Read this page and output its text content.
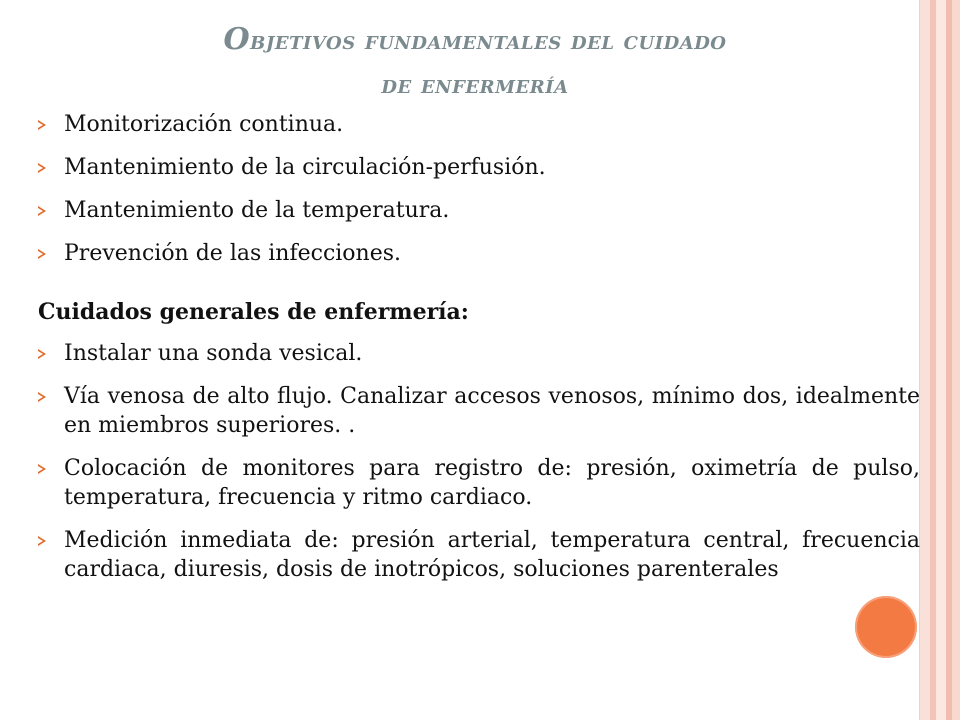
Objetivos fundamentales del cuidado
de enfermería
Monitorización continua.
Mantenimiento de la circulación-perfusión.
Mantenimiento de la temperatura.
Prevención de las infecciones.
Cuidados generales de enfermería:
Instalar una sonda vesical.
Vía venosa de alto flujo. Canalizar accesos venosos, mínimo dos, idealmente en miembros superiores. .
Colocación de monitores para registro de: presión, oximetría de pulso, temperatura, frecuencia y ritmo cardiaco.
Medición inmediata de: presión arterial, temperatura central, frecuencia cardiaca, diuresis, dosis de inotrópicos, soluciones parenterales
